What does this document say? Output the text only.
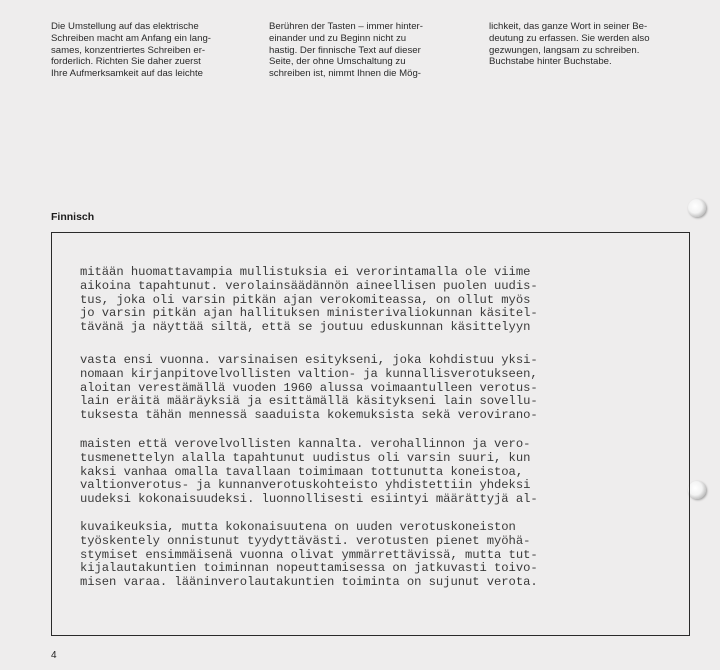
Die Umstellung auf das elektrische
Schreiben macht am Anfang ein lang-
sames, konzentriertes Schreiben er-
forderlich. Richten Sie daher zuerst
Ihre Aufmerksamkeit auf das leichte
Berühren der Tasten – immer hinter-
einander und zu Beginn nicht zu
hastig. Der finnische Text auf dieser
Seite, der ohne Umschaltung zu
schreiben ist, nimmt Ihnen die Mög-
lichkeit, das ganze Wort in seiner Be-
deutung zu erfassen. Sie werden also
gezwungen, langsam zu schreiben.
Buchstabe hinter Buchstabe.
Finnisch
mitään huomattavampia mullistuksia ei verorintamalla ole viime
aikoina tapahtunut. verolainsäädännön aineellisen puolen uudis-
tus, joka oli varsin pitkän ajan verokomiteassa, on ollut myös
jo varsin pitkän ajan hallituksen ministerivaliokunnan käsitel-
tävänä ja näyttää siltä, että se joutuu eduskunnan käsittelyyn
vasta ensi vuonna. varsinaisen esitykseni, joka kohdistuu yksi-
nomaan kirjanpitovelvollisten valtion- ja kunnallisverotukseen,
aloitan verestämällä vuoden 1960 alussa voimaantulleen verotus-
lain eräitä määräyksiä ja esittämällä käsitykseni lain sovellu-
tuksesta tähän mennessä saaduista kokemuksista sekä verovirano-
maisten että verovelvollisten kannalta. verohallinnon ja vero-
tusmenettelyn alalla tapahtunut uudistus oli varsin suuri, kun
kaksi vanhaa omalla tavallaan toimimaan tottunutta koneistoa,
valtionverotus- ja kunnanverotuskohteisto yhdistettiin yhdeksi
uudeksi kokonaisuudeksi. luonnollisesti esiintyi määrättyjä al-
kuvaikeuksia, mutta kokonaisuutena on uuden verotuskoneiston
työskentely onnistunut tyydyttävästi. verotusten pienet myöhä-
stymiset ensimmäisenä vuonna olivat ymmärrettävissä, mutta tut-
kijalautakuntien toiminnan nopeuttamisessa on jatkuvasti toivo-
misen varaa. lääninverolautakuntien toiminta on sujunut verota.
4
